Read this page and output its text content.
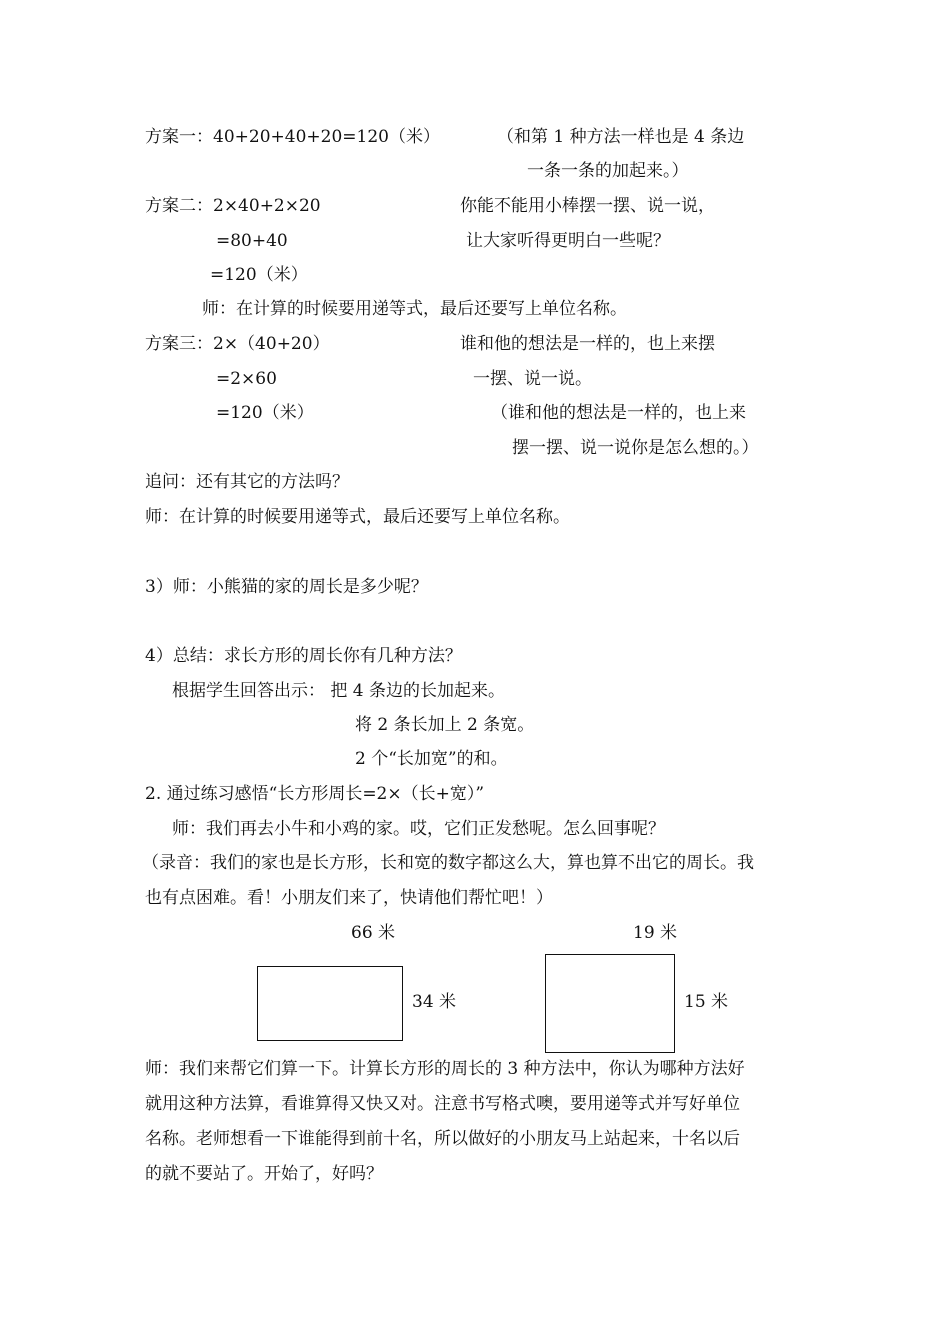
方案一：40+20+40+20=120（米）	（和第 1 种方法一样也是 4 条边
一条一条的加起来。）
方案二：2×40+2×20	你能不能用小棒摆一摆、说一说，
=80+40	让大家听得更明白一些呢？
=120（米）
师：在计算的时候要用递等式，最后还要写上单位名称。
方案三：2×（40+20）	谁和他的想法是一样的，也上来摆
=2×60	一摆、说一说。
=120（米）	（谁和他的想法是一样的，也上来
摆一摆、说一说你是怎么想的。）
追问：还有其它的方法吗？
师：在计算的时候要用递等式，最后还要写上单位名称。
3）师：小熊猫的家的周长是多少呢？
4）总结：求长方形的周长你有几种方法？
根据学生回答出示： 把 4 条边的长加起来。
将 2 条长加上 2 条宽。
2 个“长加宽”的和。
2. 通过练习感悟“长方形周长=2×（长+宽）”
师：我们再去小牛和小鸡的家。哎，它们正发愁呢。怎么回事呢？
（录音：我们的家也是长方形，长和宽的数字都这么大，算也算不出它的周长。我
也有点困难。看！小朋友们来了，快请他们帮忙吧！）
66 米
34 米
19 米
15 米
师：我们来帮它们算一下。计算长方形的周长的 3 种方法中，你认为哪种方法好
就用这种方法算，看谁算得又快又对。注意书写格式噢，要用递等式并写好单位
名称。老师想看一下谁能得到前十名，所以做好的小朋友马上站起来，十名以后
的就不要站了。开始了，好吗？
